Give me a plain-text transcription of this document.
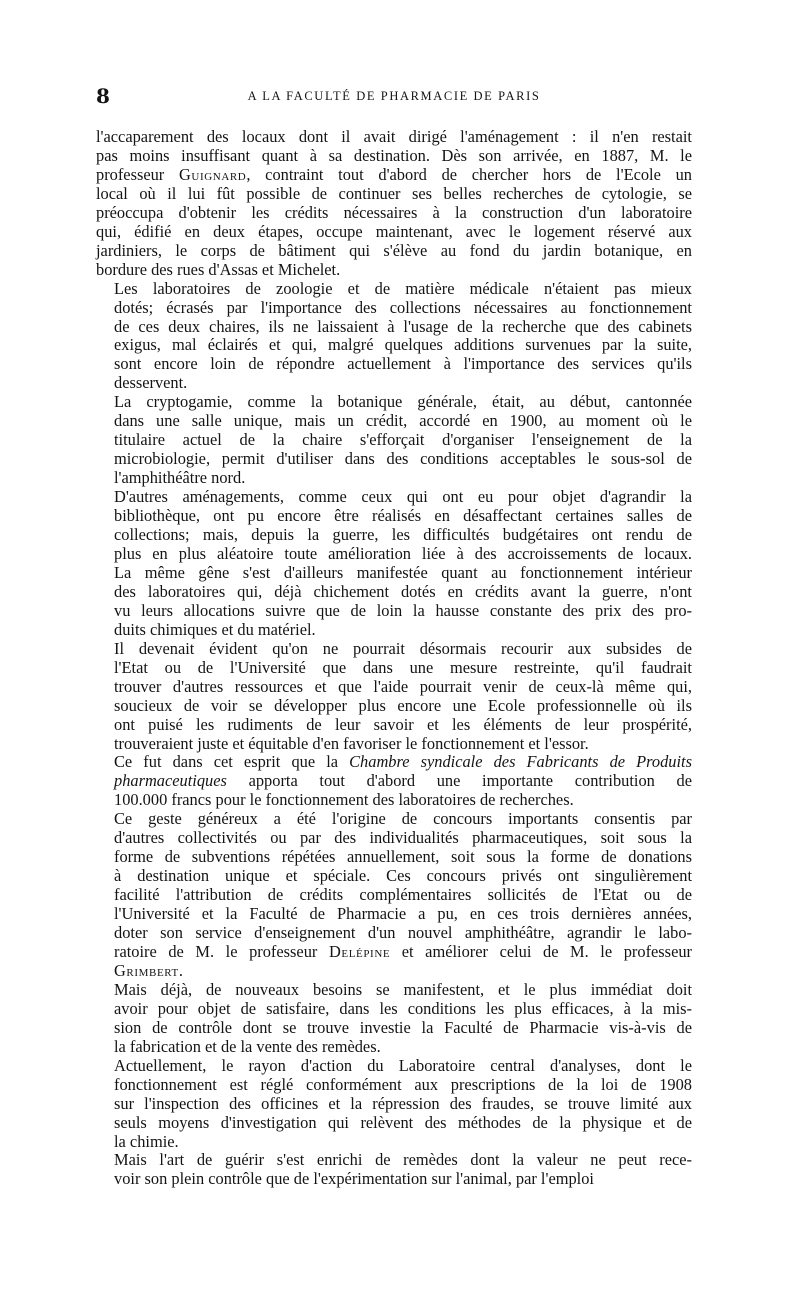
8	A LA FACULTÉ DE PHARMACIE DE PARIS

l'accaparement des locaux dont il avait dirigé l'aménagement : il n'en restait
pas moins insuffisant quant à sa destination. Dès son arrivée, en 1887, M. le
professeur Guignard, contraint tout d'abord de chercher hors de l'Ecole un
local où il lui fût possible de continuer ses belles recherches de cytologie, se
préoccupa d'obtenir les crédits nécessaires à la construction d'un laboratoire
qui, édifié en deux étapes, occupe maintenant, avec le logement réservé aux
jardiniers, le corps de bâtiment qui s'élève au fond du jardin botanique, en
bordure des rues d'Assas et Michelet.

Les laboratoires de zoologie et de matière médicale n'étaient pas mieux
dotés; écrasés par l'importance des collections nécessaires au fonctionnement
de ces deux chaires, ils ne laissaient à l'usage de la recherche que des cabinets
exigus, mal éclairés et qui, malgré quelques additions survenues par la suite,
sont encore loin de répondre actuellement à l'importance des services qu'ils
desservent.

La cryptogamie, comme la botanique générale, était, au début, cantonnée
dans une salle unique, mais un crédit, accordé en 1900, au moment où le
titulaire actuel de la chaire s'efforçait d'organiser l'enseignement de la
microbiologie, permit d'utiliser dans des conditions acceptables le sous-sol de
l'amphithéâtre nord.

D'autres aménagements, comme ceux qui ont eu pour objet d'agrandir la
bibliothèque, ont pu encore être réalisés en désaffectant certaines salles de
collections; mais, depuis la guerre, les difficultés budgétaires ont rendu de
plus en plus aléatoire toute amélioration liée à des accroissements de locaux.
La même gêne s'est d'ailleurs manifestée quant au fonctionnement intérieur
des laboratoires qui, déjà chichement dotés en crédits avant la guerre, n'ont
vu leurs allocations suivre que de loin la hausse constante des prix des pro-
duits chimiques et du matériel.

Il devenait évident qu'on ne pourrait désormais recourir aux subsides de
l'Etat ou de l'Université que dans une mesure restreinte, qu'il faudrait
trouver d'autres ressources et que l'aide pourrait venir de ceux-là même qui,
soucieux de voir se développer plus encore une Ecole professionnelle où ils
ont puisé les rudiments de leur savoir et les éléments de leur prospérité,
trouveraient juste et équitable d'en favoriser le fonctionnement et l'essor.

Ce fut dans cet esprit que la Chambre syndicale des Fabricants de Produits
pharmaceutiques apporta tout d'abord une importante contribution de
100.000 francs pour le fonctionnement des laboratoires de recherches.

Ce geste généreux a été l'origine de concours importants consentis par
d'autres collectivités ou par des individualités pharmaceutiques, soit sous la
forme de subventions répétées annuellement, soit sous la forme de donations
à destination unique et spéciale. Ces concours privés ont singulièrement
facilité l'attribution de crédits complémentaires sollicités de l'Etat ou de
l'Université et la Faculté de Pharmacie a pu, en ces trois dernières années,
doter son service d'enseignement d'un nouvel amphithéâtre, agrandir le labo-
ratoire de M. le professeur Delépine et améliorer celui de M. le professeur
Grimbert.

Mais déjà, de nouveaux besoins se manifestent, et le plus immédiat doit
avoir pour objet de satisfaire, dans les conditions les plus efficaces, à la mis-
sion de contrôle dont se trouve investie la Faculté de Pharmacie vis-à-vis de
la fabrication et de la vente des remèdes.

Actuellement, le rayon d'action du Laboratoire central d'analyses, dont le
fonctionnement est réglé conformément aux prescriptions de la loi de 1908
sur l'inspection des officines et la répression des fraudes, se trouve limité aux
seuls moyens d'investigation qui relèvent des méthodes de la physique et de
la chimie.

Mais l'art de guérir s'est enrichi de remèdes dont la valeur ne peut rece-
voir son plein contrôle que de l'expérimentation sur l'animal, par l'emploi
